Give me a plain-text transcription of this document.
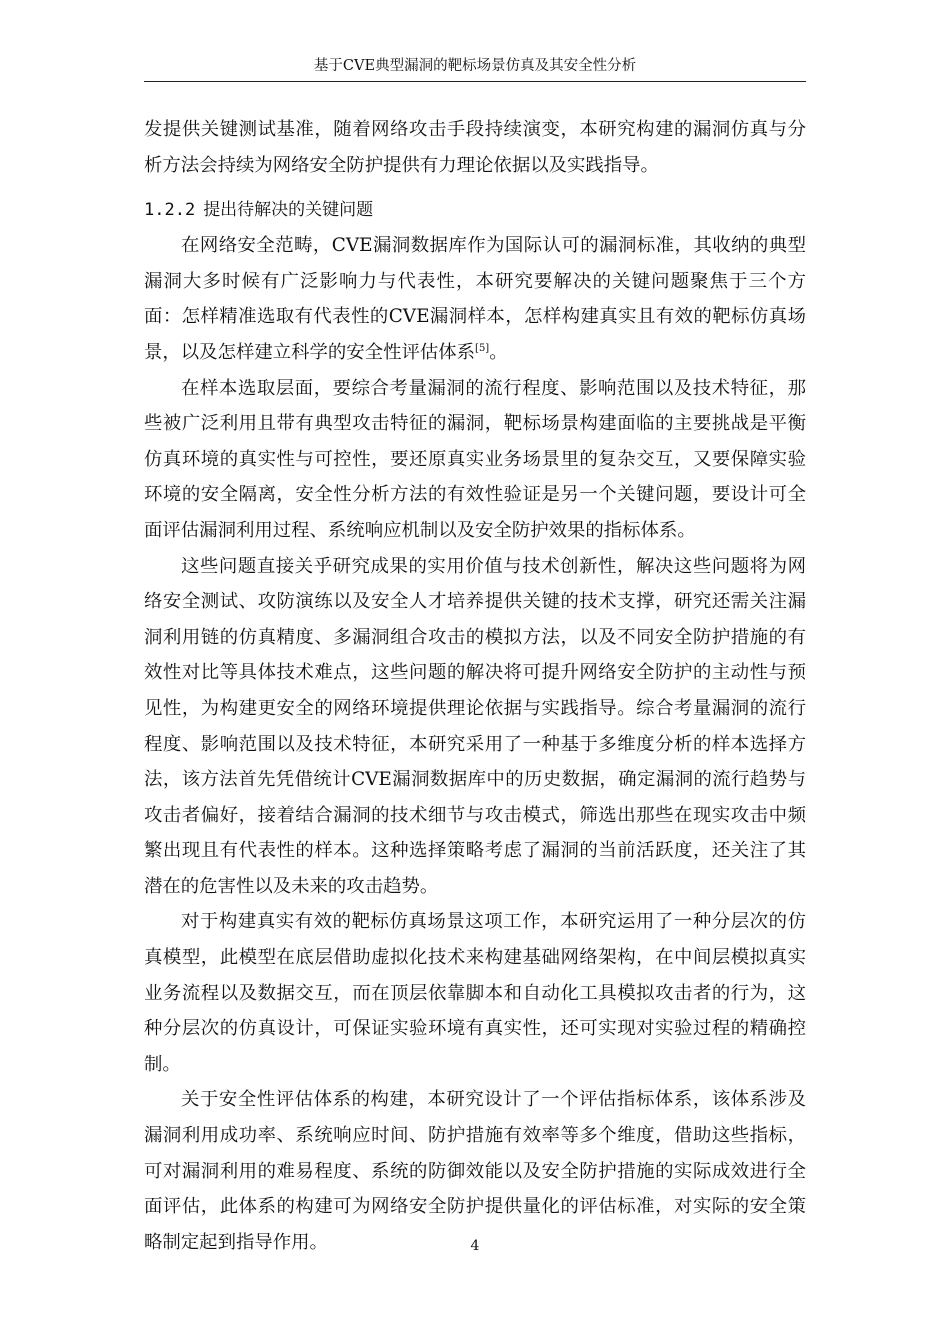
基于CVE典型漏洞的靶标场景仿真及其安全性分析

发提供关键测试基准，随着网络攻击手段持续演变，本研究构建的漏洞仿真与分析方法会持续为网络安全防护提供有力理论依据以及实践指导。

1.2.2 提出待解决的关键问题

在网络安全范畴，CVE漏洞数据库作为国际认可的漏洞标准，其收纳的典型漏洞大多时候有广泛影响力与代表性，本研究要解决的关键问题聚焦于三个方面：怎样精准选取有代表性的CVE漏洞样本，怎样构建真实且有效的靶标仿真场景，以及怎样建立科学的安全性评估体系[5]。

在样本选取层面，要综合考量漏洞的流行程度、影响范围以及技术特征，那些被广泛利用且带有典型攻击特征的漏洞，靶标场景构建面临的主要挑战是平衡仿真环境的真实性与可控性，要还原真实业务场景里的复杂交互，又要保障实验环境的安全隔离，安全性分析方法的有效性验证是另一个关键问题，要设计可全面评估漏洞利用过程、系统响应机制以及安全防护效果的指标体系。

这些问题直接关乎研究成果的实用价值与技术创新性，解决这些问题将为网络安全测试、攻防演练以及安全人才培养提供关键的技术支撑，研究还需关注漏洞利用链的仿真精度、多漏洞组合攻击的模拟方法，以及不同安全防护措施的有效性对比等具体技术难点，这些问题的解决将可提升网络安全防护的主动性与预见性，为构建更安全的网络环境提供理论依据与实践指导。综合考量漏洞的流行程度、影响范围以及技术特征，本研究采用了一种基于多维度分析的样本选择方法，该方法首先凭借统计CVE漏洞数据库中的历史数据，确定漏洞的流行趋势与攻击者偏好，接着结合漏洞的技术细节与攻击模式，筛选出那些在现实攻击中频繁出现且有代表性的样本。这种选择策略考虑了漏洞的当前活跃度，还关注了其潜在的危害性以及未来的攻击趋势。

对于构建真实有效的靶标仿真场景这项工作，本研究运用了一种分层次的仿真模型，此模型在底层借助虚拟化技术来构建基础网络架构，在中间层模拟真实业务流程以及数据交互，而在顶层依靠脚本和自动化工具模拟攻击者的行为，这种分层次的仿真设计，可保证实验环境有真实性，还可实现对实验过程的精确控制。

关于安全性评估体系的构建，本研究设计了一个评估指标体系，该体系涉及漏洞利用成功率、系统响应时间、防护措施有效率等多个维度，借助这些指标，可对漏洞利用的难易程度、系统的防御效能以及安全防护措施的实际成效进行全面评估，此体系的构建可为网络安全防护提供量化的评估标准，对实际的安全策略制定起到指导作用。	4
